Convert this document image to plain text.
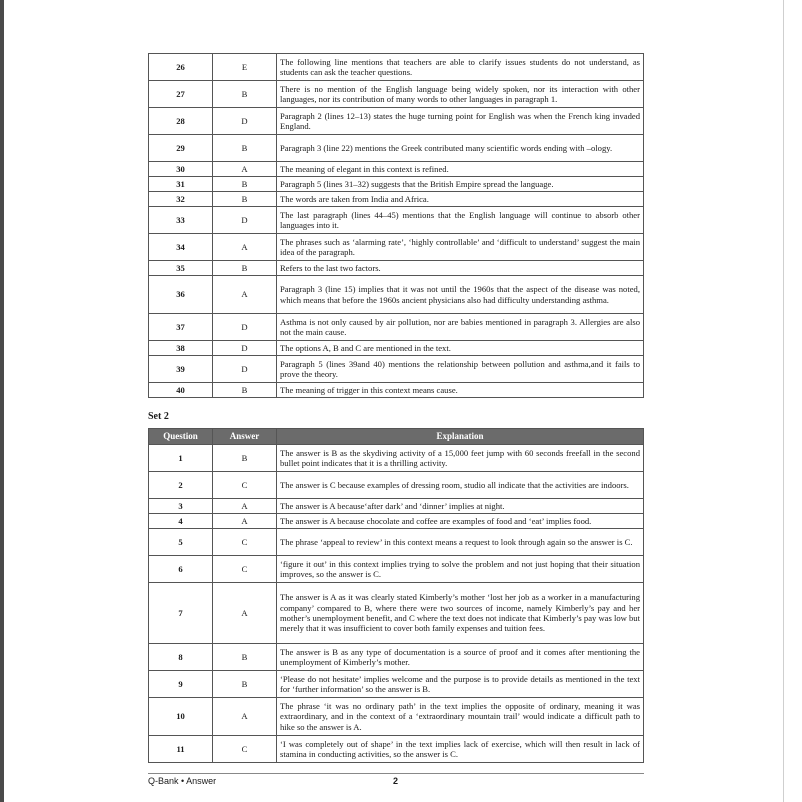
26	E	The following line mentions that teachers are able to clarify issues students do not understand, as students can ask the teacher questions.
27	B	There is no mention of the English language being widely spoken, nor its interaction with other languages, nor its contribution of many words to other languages in paragraph 1.
28	D	Paragraph 2 (lines 12–13) states the huge turning point for English was when the French king invaded England.
29	B	Paragraph 3 (line 22) mentions the Greek contributed many scientific words ending with –ology.
30	A	The meaning of elegant in this context is refined.
31	B	Paragraph 5 (lines 31–32) suggests that the British Empire spread the language.
32	B	The words are taken from India and Africa.
33	D	The last paragraph (lines 44–45) mentions that the English language will continue to absorb other languages into it.
34	A	The phrases such as ‘alarming rate’, ‘highly controllable’ and ‘difficult to understand’ suggest the main idea of the paragraph.
35	B	Refers to the last two factors.
36	A	Paragraph 3 (line 15) implies that it was not until the 1960s that the aspect of the disease was noted, which means that before the 1960s ancient physicians also had difficulty understanding asthma.
37	D	Asthma is not only caused by air pollution, nor are babies mentioned in paragraph 3. Allergies are also not the main cause.
38	D	The options A, B and C are mentioned in the text.
39	D	Paragraph 5 (lines 39and 40) mentions the relationship between pollution and asthma,and it fails to prove the theory.
40	B	The meaning of trigger in this context means cause.
Set 2
Question	Answer	Explanation
1	B	The answer is B as the skydiving activity of a 15,000 feet jump with 60 seconds freefall in the second bullet point indicates that it is a thrilling activity.
2	C	The answer is C because examples of dressing room, studio all indicate that the activities are indoors.
3	A	The answer is A because‘after dark’ and ‘dinner’ implies at night.
4	A	The answer is A because chocolate and coffee are examples of food and ‘eat’ implies food.
5	C	The phrase ‘appeal to review’ in this context means a request to look through again so the answer is C.
6	C	‘figure it out’ in this context implies trying to solve the problem and not just hoping that their situation improves, so the answer is C.
7	A	The answer is A as it was clearly stated Kimberly’s mother ‘lost her job as a worker in a manufacturing company’ compared to B, where there were two sources of income, namely Kimberly’s pay and her mother’s unemployment benefit, and C where the text does not indicate that Kimberly’s pay was low but merely that it was insufficient to cover both family expenses and tuition fees.
8	B	The answer is B as any type of documentation is a source of proof and it comes after mentioning the unemployment of Kimberly’s mother.
9	B	‘Please do not hesitate’ implies welcome and the purpose is to provide details as mentioned in the text for ‘further information’ so the answer is B.
10	A	The phrase ‘it was no ordinary path’ in the text implies the opposite of ordinary, meaning it was extraordinary, and in the context of a ‘extraordinary mountain trail’ would indicate a difficult path to hike so the answer is A.
11	C	‘I was completely out of shape’ in the text implies lack of exercise, which will then result in lack of stamina in conducting activities, so the answer is C.
Q-Bank • Answer	2
